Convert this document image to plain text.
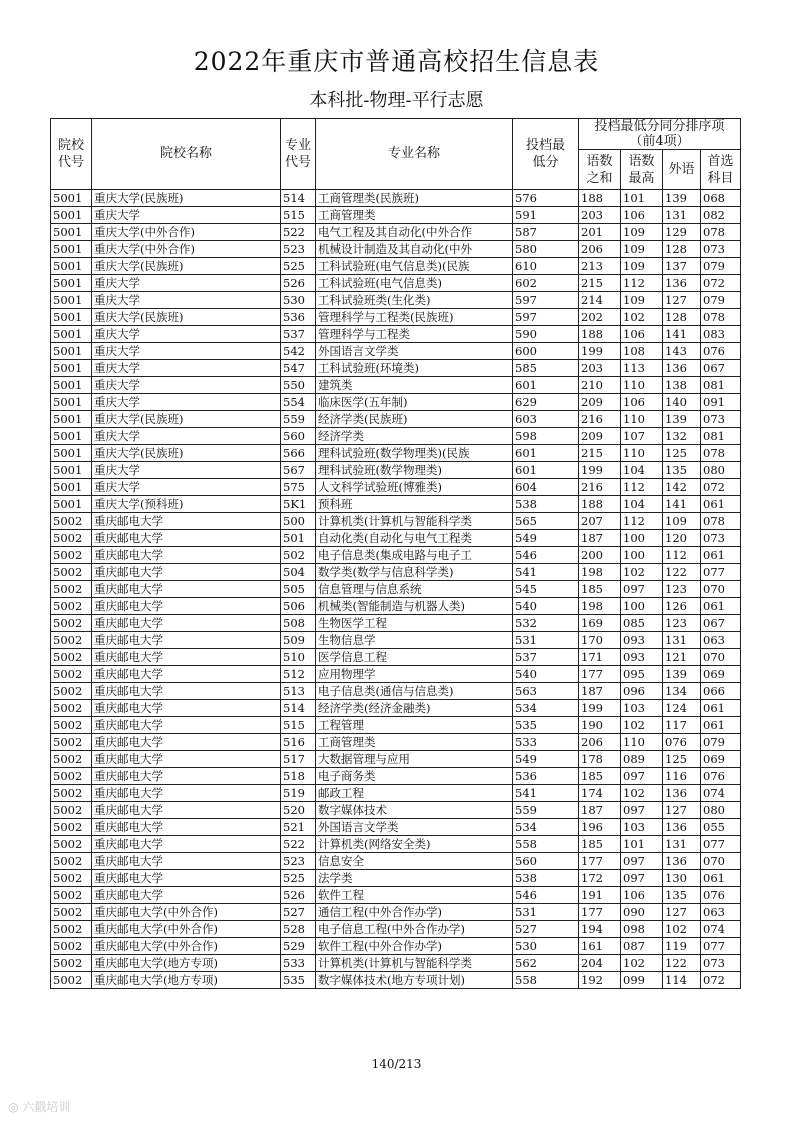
2022年重庆市普通高校招生信息表
本科批-物理-平行志愿
院校代号	院校名称	专业代号	专业名称	投档最低分	投档最低分同分排序项
（前4项）			
					语数之和	语数最高	外语	首选科目
5001	重庆大学(民族班)	514	工商管理类(民族班)	576	188	101	139	068
5001	重庆大学	515	工商管理类	591	203	106	131	082
5001	重庆大学(中外合作)	522	电气工程及其自动化(中外合作	587	201	109	129	078
5001	重庆大学(中外合作)	523	机械设计制造及其自动化(中外	580	206	109	128	073
5001	重庆大学(民族班)	525	工科试验班(电气信息类)(民族	610	213	109	137	079
5001	重庆大学	526	工科试验班(电气信息类)	602	215	112	136	072
5001	重庆大学	530	工科试验班类(生化类)	597	214	109	127	079
5001	重庆大学(民族班)	536	管理科学与工程类(民族班)	597	202	102	128	078
5001	重庆大学	537	管理科学与工程类	590	188	106	141	083
5001	重庆大学	542	外国语言文学类	600	199	108	143	076
5001	重庆大学	547	工科试验班(环境类)	585	203	113	136	067
5001	重庆大学	550	建筑类	601	210	110	138	081
5001	重庆大学	554	临床医学(五年制)	629	209	106	140	091
5001	重庆大学(民族班)	559	经济学类(民族班)	603	216	110	139	073
5001	重庆大学	560	经济学类	598	209	107	132	081
5001	重庆大学(民族班)	566	理科试验班(数学物理类)(民族	601	215	110	125	078
5001	重庆大学	567	理科试验班(数学物理类)	601	199	104	135	080
5001	重庆大学	575	人文科学试验班(博雅类)	604	216	112	142	072
5001	重庆大学(预科班)	5K1	预科班	538	188	104	141	061
5002	重庆邮电大学	500	计算机类(计算机与智能科学类	565	207	112	109	078
5002	重庆邮电大学	501	自动化类(自动化与电气工程类	549	187	100	120	073
5002	重庆邮电大学	502	电子信息类(集成电路与电子工	546	200	100	112	061
5002	重庆邮电大学	504	数学类(数学与信息科学类)	541	198	102	122	077
5002	重庆邮电大学	505	信息管理与信息系统	545	185	097	123	070
5002	重庆邮电大学	506	机械类(智能制造与机器人类)	540	198	100	126	061
5002	重庆邮电大学	508	生物医学工程	532	169	085	123	067
5002	重庆邮电大学	509	生物信息学	531	170	093	131	063
5002	重庆邮电大学	510	医学信息工程	537	171	093	121	070
5002	重庆邮电大学	512	应用物理学	540	177	095	139	069
5002	重庆邮电大学	513	电子信息类(通信与信息类)	563	187	096	134	066
5002	重庆邮电大学	514	经济学类(经济金融类)	534	199	103	124	061
5002	重庆邮电大学	515	工程管理	535	190	102	117	061
5002	重庆邮电大学	516	工商管理类	533	206	110	076	079
5002	重庆邮电大学	517	大数据管理与应用	549	178	089	125	069
5002	重庆邮电大学	518	电子商务类	536	185	097	116	076
5002	重庆邮电大学	519	邮政工程	541	174	102	136	074
5002	重庆邮电大学	520	数字媒体技术	559	187	097	127	080
5002	重庆邮电大学	521	外国语言文学类	534	196	103	136	055
5002	重庆邮电大学	522	计算机类(网络安全类)	558	185	101	131	077
5002	重庆邮电大学	523	信息安全	560	177	097	136	070
5002	重庆邮电大学	525	法学类	538	172	097	130	061
5002	重庆邮电大学	526	软件工程	546	191	106	135	076
5002	重庆邮电大学(中外合作)	527	通信工程(中外合作办学)	531	177	090	127	063
5002	重庆邮电大学(中外合作)	528	电子信息工程(中外合作办学)	527	194	098	102	074
5002	重庆邮电大学(中外合作)	529	软件工程(中外合作办学)	530	161	087	119	077
5002	重庆邮电大学(地方专项)	533	计算机类(计算机与智能科学类	562	204	102	122	073
5002	重庆邮电大学(地方专项)	535	数字媒体技术(地方专项计划)	558	192	099	114	072
140/213
◎ 六戳培训
